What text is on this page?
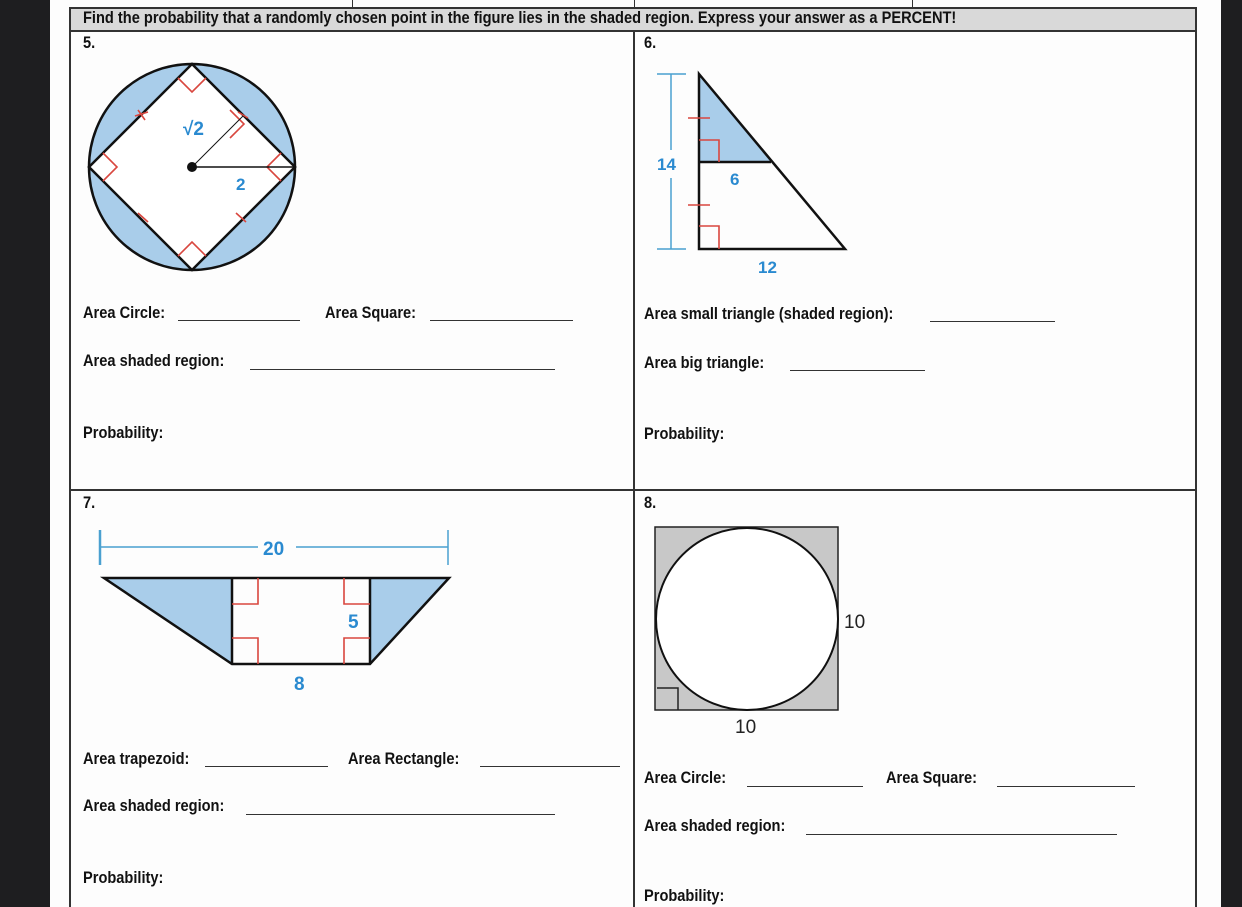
Find the probability that a randomly chosen point in the figure lies in the shaded region. Express your answer as a PERCENT!
5.	6.
7.	8.
√2
2
14
6
12
20
5
8
10
10
Area Circle:	Area Square:
Area shaded region:
Probability:
Area small triangle (shaded region):
Area big triangle:
Probability:
Area trapezoid:	Area Rectangle:
Area shaded region:
Probability:
Area Circle:	Area Square:
Area shaded region:
Probability:
